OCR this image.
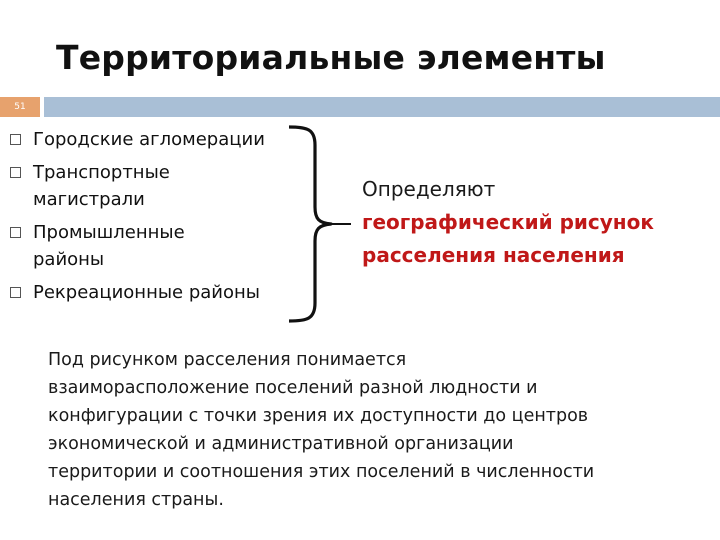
Территориальные элементы
51
Городские агломерации
Транспортные
магистрали
Промышленные
районы
Рекреационные районы
Определяют
географический рисунок
расселения населения
Под рисунком расселения понимается
взаиморасположение поселений разной людности и
конфигурации с точки зрения их доступности до центров
экономической и административной организации
территории и соотношения этих поселений в численности
населения страны.
